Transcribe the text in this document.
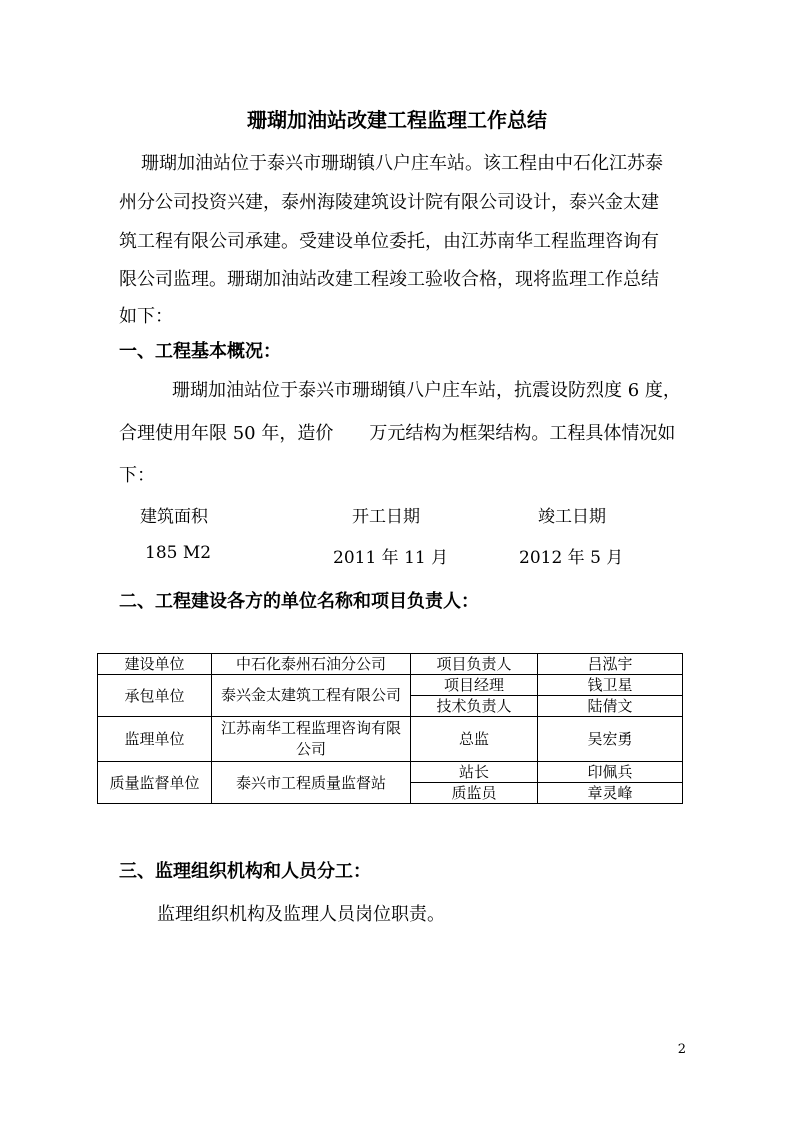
珊瑚加油站改建工程监理工作总结
珊瑚加油站位于泰兴市珊瑚镇八户庄车站。该工程由中石化江苏泰
州分公司投资兴建，泰州海陵建筑设计院有限公司设计，泰兴金太建
筑工程有限公司承建。受建设单位委托，由江苏南华工程监理咨询有
限公司监理。珊瑚加油站改建工程竣工验收合格，现将监理工作总结
如下：
一、工程基本概况：
珊瑚加油站位于泰兴市珊瑚镇八户庄车站，抗震设防烈度 6 度，
合理使用年限 50 年，造价　　万元结构为框架结构。工程具体情况如
下：
建筑面积	开工日期	竣工日期
185 M2	2011 年 11 月	2012 年 5 月
二、工程建设各方的单位名称和项目负责人：
建设单位	中石化泰州石油分公司	项目负责人	吕泓宇
承包单位	泰兴金太建筑工程有限公司	项目经理	钱卫星
		技术负责人	陆倩文
监理单位	江苏南华工程监理咨询有限公司	总监	吴宏勇
质量监督单位	泰兴市工程质量监督站	站长	印佩兵
		质监员	章灵峰
三、监理组织机构和人员分工：
监理组织机构及监理人员岗位职责。
2
